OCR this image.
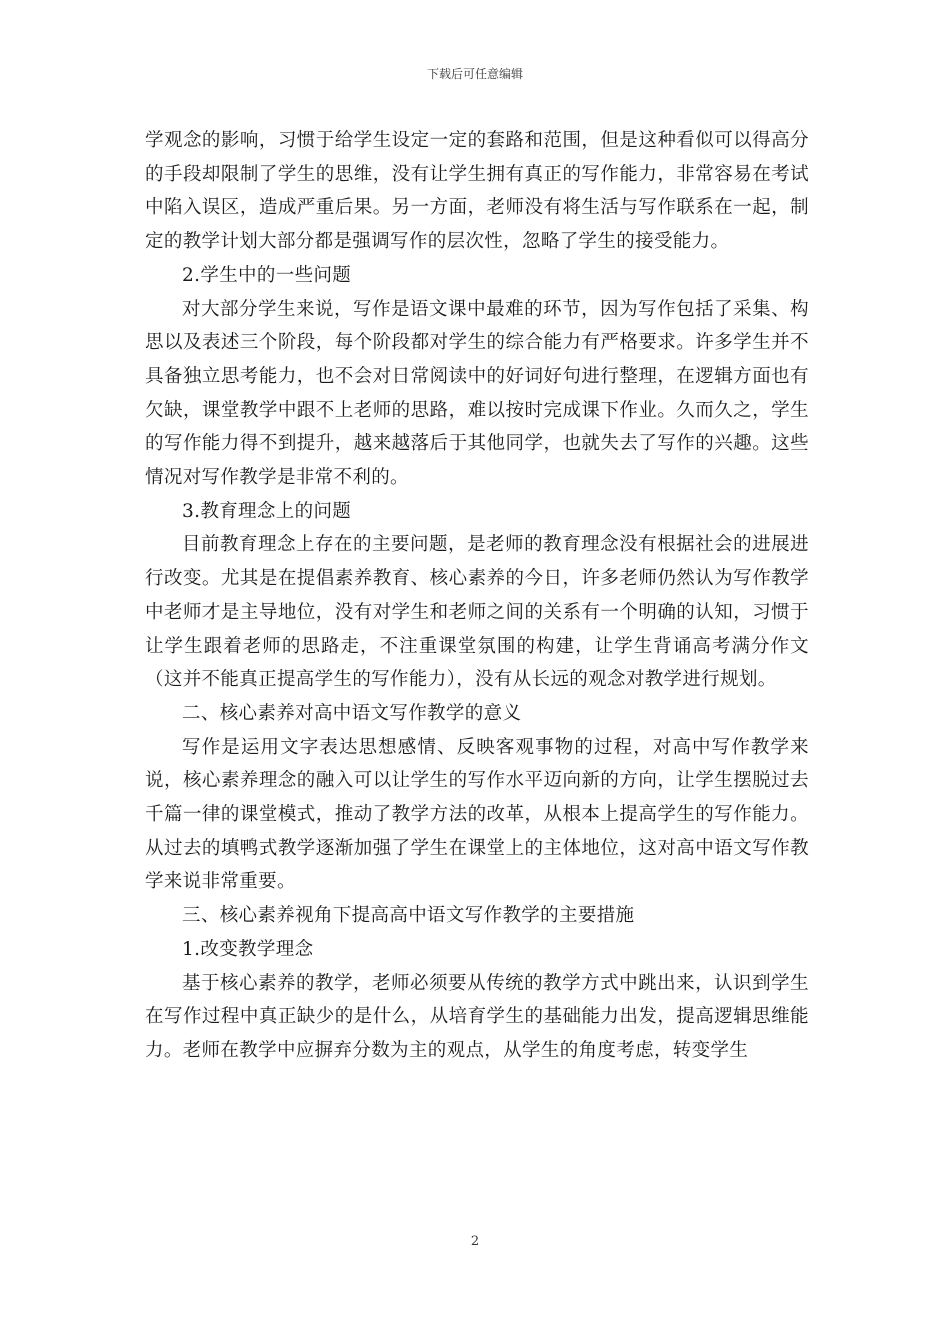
下载后可任意编辑

学观念的影响，习惯于给学生设定一定的套路和范围，但是这种看似可以得高分的手段却限制了学生的思维，没有让学生拥有真正的写作能力，非常容易在考试中陷入误区，造成严重后果。另一方面，老师没有将生活与写作联系在一起，制定的教学计划大部分都是强调写作的层次性，忽略了学生的接受能力。

2.学生中的一些问题

对大部分学生来说，写作是语文课中最难的环节，因为写作包括了采集、构思以及表述三个阶段，每个阶段都对学生的综合能力有严格要求。许多学生并不具备独立思考能力，也不会对日常阅读中的好词好句进行整理，在逻辑方面也有欠缺，课堂教学中跟不上老师的思路，难以按时完成课下作业。久而久之，学生的写作能力得不到提升，越来越落后于其他同学，也就失去了写作的兴趣。这些情况对写作教学是非常不利的。

3.教育理念上的问题

目前教育理念上存在的主要问题，是老师的教育理念没有根据社会的进展进行改变。尤其是在提倡素养教育、核心素养的今日，许多老师仍然认为写作教学中老师才是主导地位，没有对学生和老师之间的关系有一个明确的认知，习惯于让学生跟着老师的思路走，不注重课堂氛围的构建，让学生背诵高考满分作文（这并不能真正提高学生的写作能力），没有从长远的观念对教学进行规划。

二、核心素养对高中语文写作教学的意义

写作是运用文字表达思想感情、反映客观事物的过程，对高中写作教学来说，核心素养理念的融入可以让学生的写作水平迈向新的方向，让学生摆脱过去千篇一律的课堂模式，推动了教学方法的改革，从根本上提高学生的写作能力。从过去的填鸭式教学逐渐加强了学生在课堂上的主体地位，这对高中语文写作教学来说非常重要。

三、核心素养视角下提高高中语文写作教学的主要措施

1.改变教学理念

基于核心素养的教学，老师必须要从传统的教学方式中跳出来，认识到学生在写作过程中真正缺少的是什么，从培育学生的基础能力出发，提高逻辑思维能力。老师在教学中应摒弃分数为主的观点，从学生的角度考虑，转变学生

2
